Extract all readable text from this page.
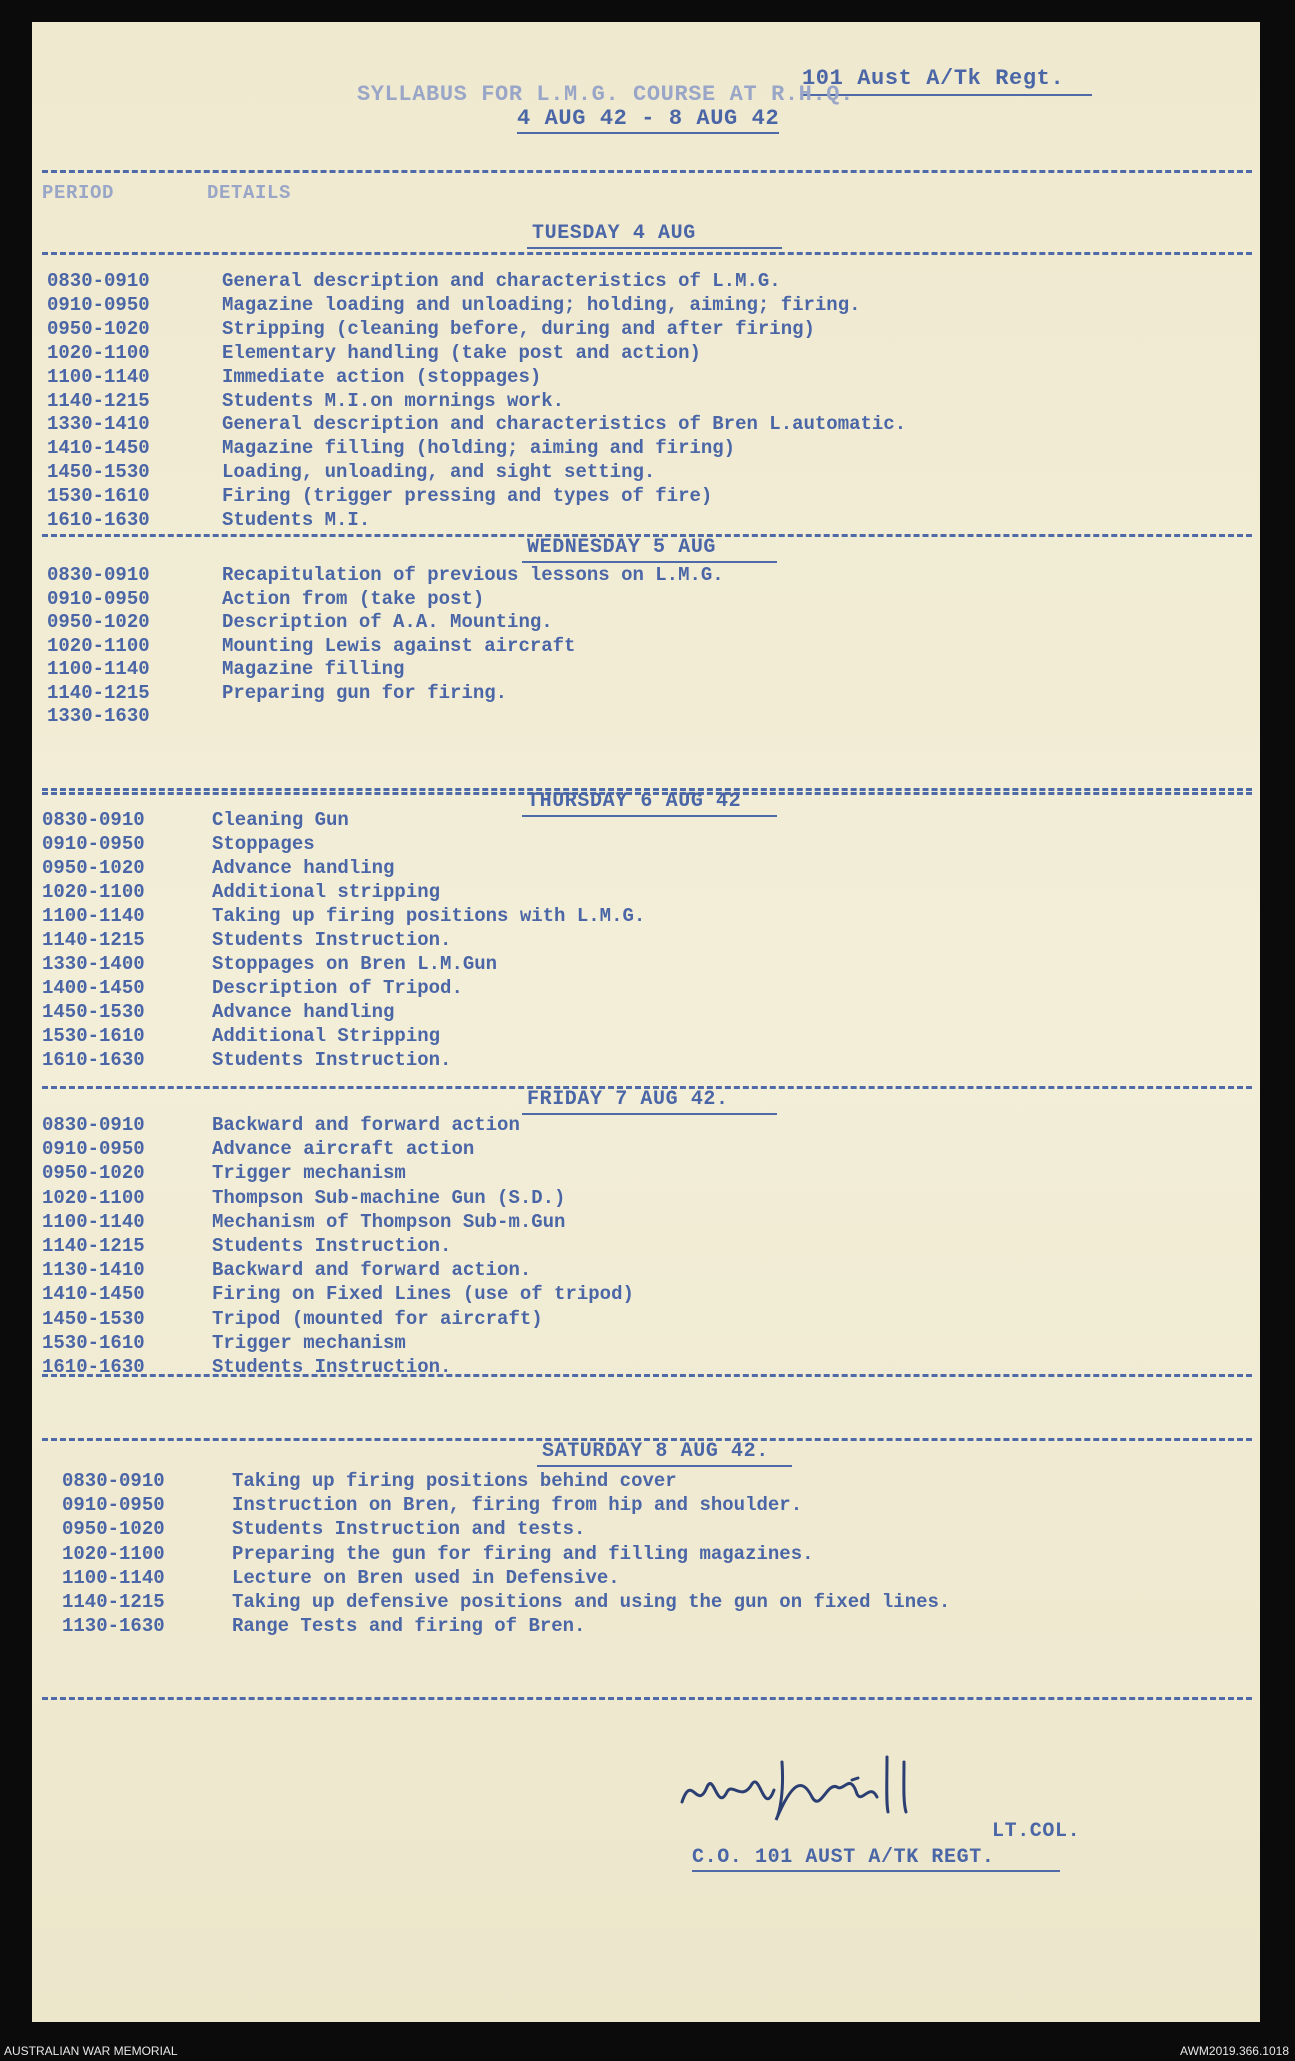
101 Aust A/Tk Regt.
SYLLABUS FOR L.M.G. COURSE AT R.H.Q.
4 AUG 42 - 8 AUG 42
PERIOD	DETAILS
TUESDAY 4 AUG
0830-0910	General description and characteristics of L.M.G.
0910-0950	Magazine loading and unloading; holding, aiming; firing.
0950-1020	Stripping (cleaning before, during and after firing)
1020-1100	Elementary handling (take post and action)
1100-1140	Immediate action (stoppages)
1140-1215	Students M.I.on mornings work.
1330-1410	General description and characteristics of Bren L.automatic.
1410-1450	Magazine filling (holding; aiming and firing)
1450-1530	Loading, unloading, and sight setting.
1530-1610	Firing (trigger pressing and types of fire)
1610-1630	Students M.I.
WEDNESDAY 5 AUG
0830-0910	Recapitulation of previous lessons on L.M.G.
0910-0950	Action from (take post)
0950-1020	Description of A.A. Mounting.
1020-1100	Mounting Lewis against aircraft
1100-1140	Magazine filling
1140-1215	Preparing gun for firing.
1330-1630
THURSDAY 6 AUG 42
0830-0910	Cleaning Gun
0910-0950	Stoppages
0950-1020	Advance handling
1020-1100	Additional stripping
1100-1140	Taking up firing positions with L.M.G.
1140-1215	Students Instruction.
1330-1400	Stoppages on Bren L.M.Gun
1400-1450	Description of Tripod.
1450-1530	Advance handling
1530-1610	Additional Stripping
1610-1630	Students Instruction.
FRIDAY 7 AUG 42.
0830-0910	Backward and forward action
0910-0950	Advance aircraft action
0950-1020	Trigger mechanism
1020-1100	Thompson Sub-machine Gun (S.D.)
1100-1140	Mechanism of Thompson Sub-m.Gun
1140-1215	Students Instruction.
1130-1410	Backward and forward action.
1410-1450	Firing on Fixed Lines (use of tripod)
1450-1530	Tripod (mounted for aircraft)
1530-1610	Trigger mechanism
1610-1630	Students Instruction.
SATURDAY 8 AUG 42.
0830-0910	Taking up firing positions behind cover
0910-0950	Instruction on Bren, firing from hip and shoulder.
0950-1020	Students Instruction and tests.
1020-1100	Preparing the gun for firing and filling magazines.
1100-1140	Lecture on Bren used in Defensive.
1140-1215	Taking up defensive positions and using the gun on fixed lines.
1130-1630	Range Tests and firing of Bren.
LT.COL.
C.O. 101 AUST A/TK REGT.
AUSTRALIAN WAR MEMORIAL	AWM2019.366.1018
